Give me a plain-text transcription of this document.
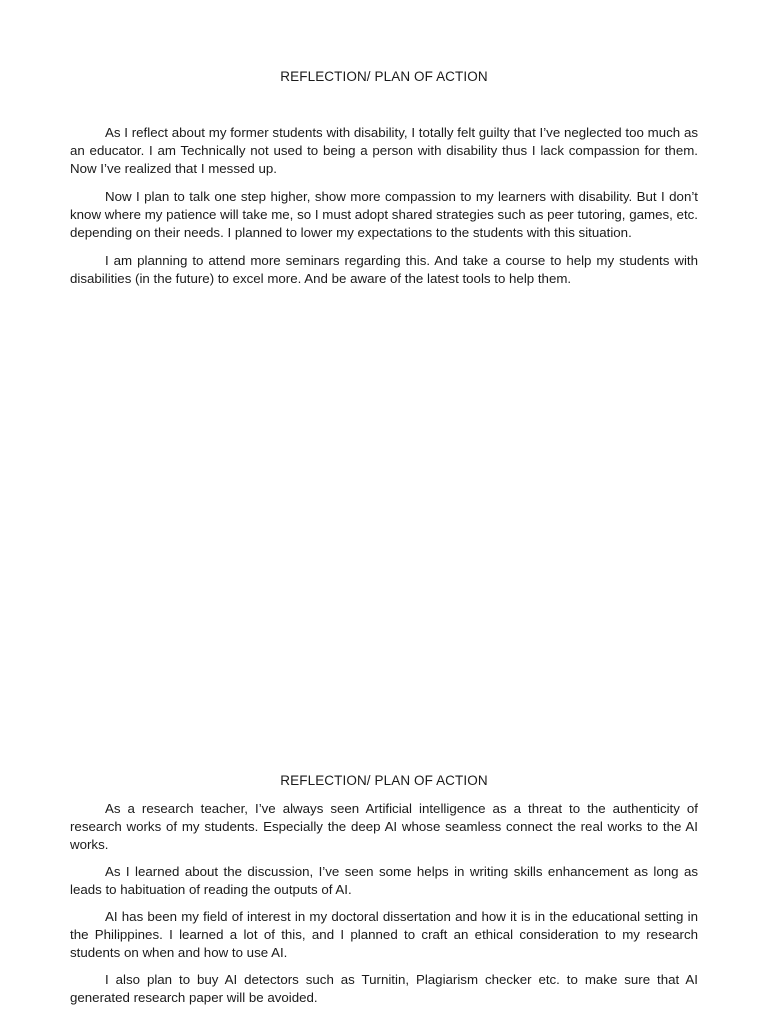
REFLECTION/ PLAN OF ACTION

As I reflect about my former students with disability, I totally felt guilty that I’ve neglected too much as an educator. I am Technically not used to being a person with disability thus I lack compassion for them. Now I’ve realized that I messed up.

Now I plan to talk one step higher, show more compassion to my learners with disability. But I don’t know where my patience will take me, so I must adopt shared strategies such as peer tutoring, games, etc. depending on their needs. I planned to lower my expectations to the students with this situation.

I am planning to attend more seminars regarding this. And take a course to help my students with disabilities (in the future) to excel more. And be aware of the latest tools to help them.

REFLECTION/ PLAN OF ACTION

As a research teacher, I’ve always seen Artificial intelligence as a threat to the authenticity of research works of my students. Especially the deep AI whose seamless connect the real works to the AI works.

As I learned about the discussion, I’ve seen some helps in writing skills enhancement as long as leads to habituation of reading the outputs of AI.

AI has been my field of interest in my doctoral dissertation and how it is in the educational setting in the Philippines. I learned a lot of this, and I planned to craft an ethical consideration to my research students on when and how to use AI.

I also plan to buy AI detectors such as Turnitin, Plagiarism checker etc. to make sure that AI generated research paper will be avoided.
